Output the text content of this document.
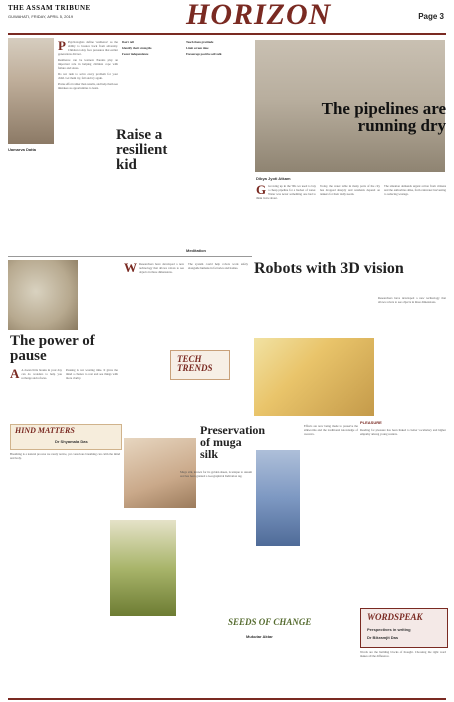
THE ASSAM TRIBUNE
GUWAHATI, FRIDAY, APRIL 5, 2019	HORIZON	Page 3
Uamarva Datta
P Psychologists define 'resilience' as the ability to bounce back from adversity. Children today face pressures that earlier generations did not.

Resilience can be learned. Parents play an important role in helping children cope with failure and stress.

Do not rush to solve every problem for your child. Let them try, fail and try again.

Praise effort rather than results, and help them see mistakes as opportunities to learn.

Don't tell

Identify their strengths

Foster independence

Raise a resilient kid

Teach them gratitude

Limit screen time

Encourage positive self-talk

Meditation
The pipelines are running dry
Dibya Jyoti Atkam
G Growing up in the '90s we used to buy a cheap pipeline for a bucket of water. Water was never something one had to think twice about.

Today, the water table in many parts of the city has dropped sharply and residents depend on tankers for their daily needs.

The situation demands urgent action from citizens and the authorities alike, from rainwater harvesting to reducing wastage.

The power of pause
A A dozen little breaks in your day can do wonders to help you recharge and refocus.

Pausing is not wasting time. It gives the mind a chance to rest and see things with more clarity.

HIND MATTERS
Dr Shyamala Das

Breathing is a natural process we rarely notice, yet conscious breathing can calm the mind and body.

W Researchers have developed a new technology that allows robots to see objects in three dimensions.

The system could help robots work safely alongside humans in factories and homes.

TECH TRENDS
Robots with 3D vision

Researchers have developed a new technology that allows robots to see objects in three dimensions.

Preservation of muga silk

Muga silk, known for its golden sheen, is unique to Assam and has been granted a Geographical Indication tag.

Efforts are now being made to preserve the silkworms and the traditional knowledge of weavers.

SEEDS OF CHANGE
Mukutar Aktar
PLEASURE

Reading for pleasure has been linked to better vocabulary and higher empathy among young readers.

WORDSPEAK
Perspectives in writing
Dr Bikramjit Das

Words are the building blocks of thought. Choosing the right word makes all the difference.
